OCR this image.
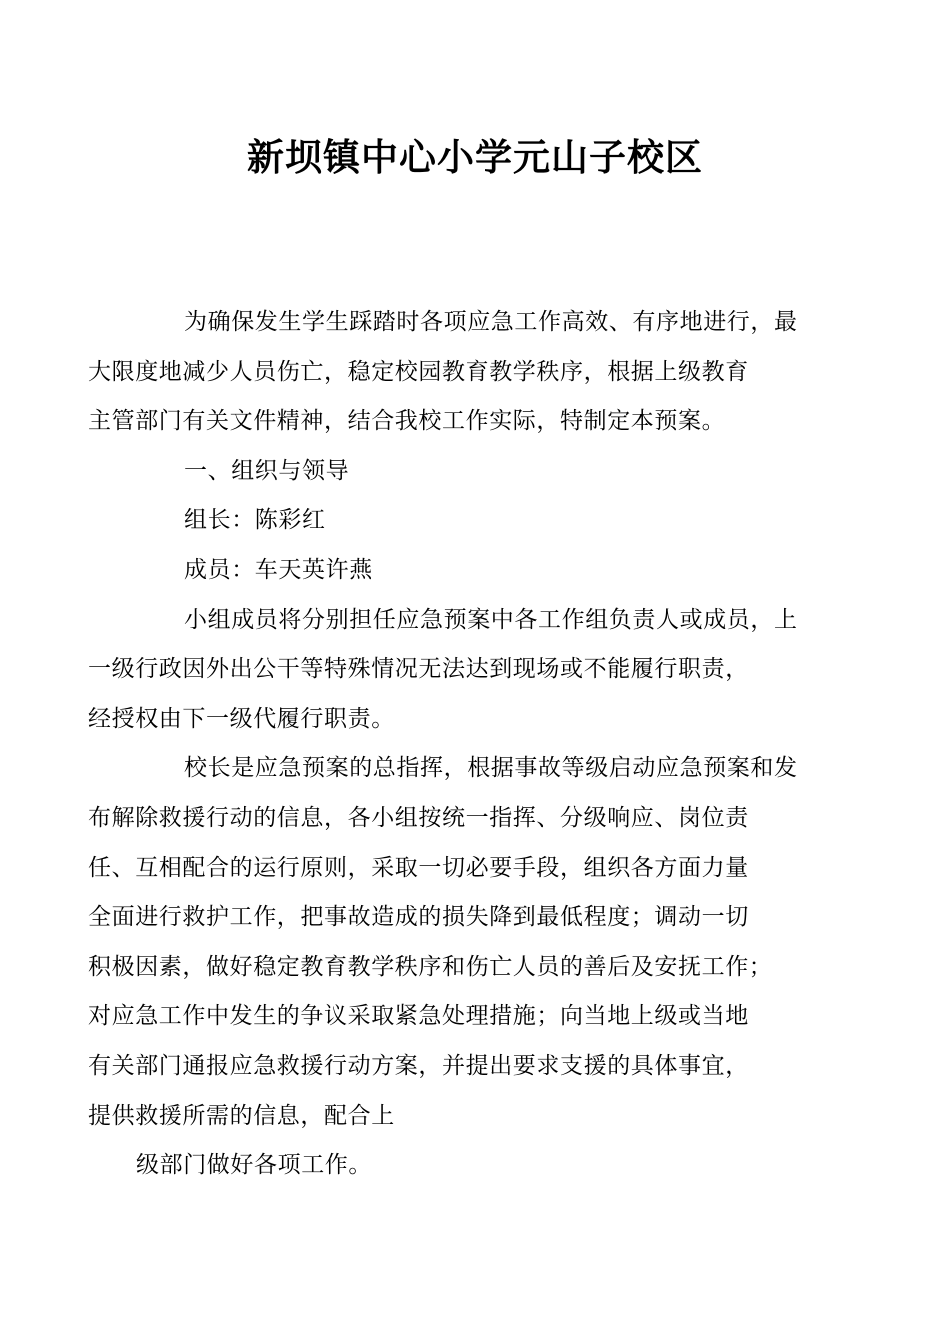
新坝镇中心小学元山子校区

为确保发生学生踩踏时各项应急工作高效、有序地进行，最
大限度地减少人员伤亡，稳定校园教育教学秩序，根据上级教育
主管部门有关文件精神，结合我校工作实际，特制定本预案。

一、组织与领导

组长：陈彩红

成员：车天英许燕

小组成员将分别担任应急预案中各工作组负责人或成员，上
一级行政因外出公干等特殊情况无法达到现场或不能履行职责，
经授权由下一级代履行职责。

校长是应急预案的总指挥，根据事故等级启动应急预案和发
布解除救援行动的信息，各小组按统一指挥、分级响应、岗位责
任、互相配合的运行原则，采取一切必要手段，组织各方面力量
全面进行救护工作，把事故造成的损失降到最低程度；调动一切
积极因素，做好稳定教育教学秩序和伤亡人员的善后及安抚工作；
对应急工作中发生的争议采取紧急处理措施；向当地上级或当地
有关部门通报应急救援行动方案，并提出要求支援的具体事宜，
提供救援所需的信息，配合上

级部门做好各项工作。
